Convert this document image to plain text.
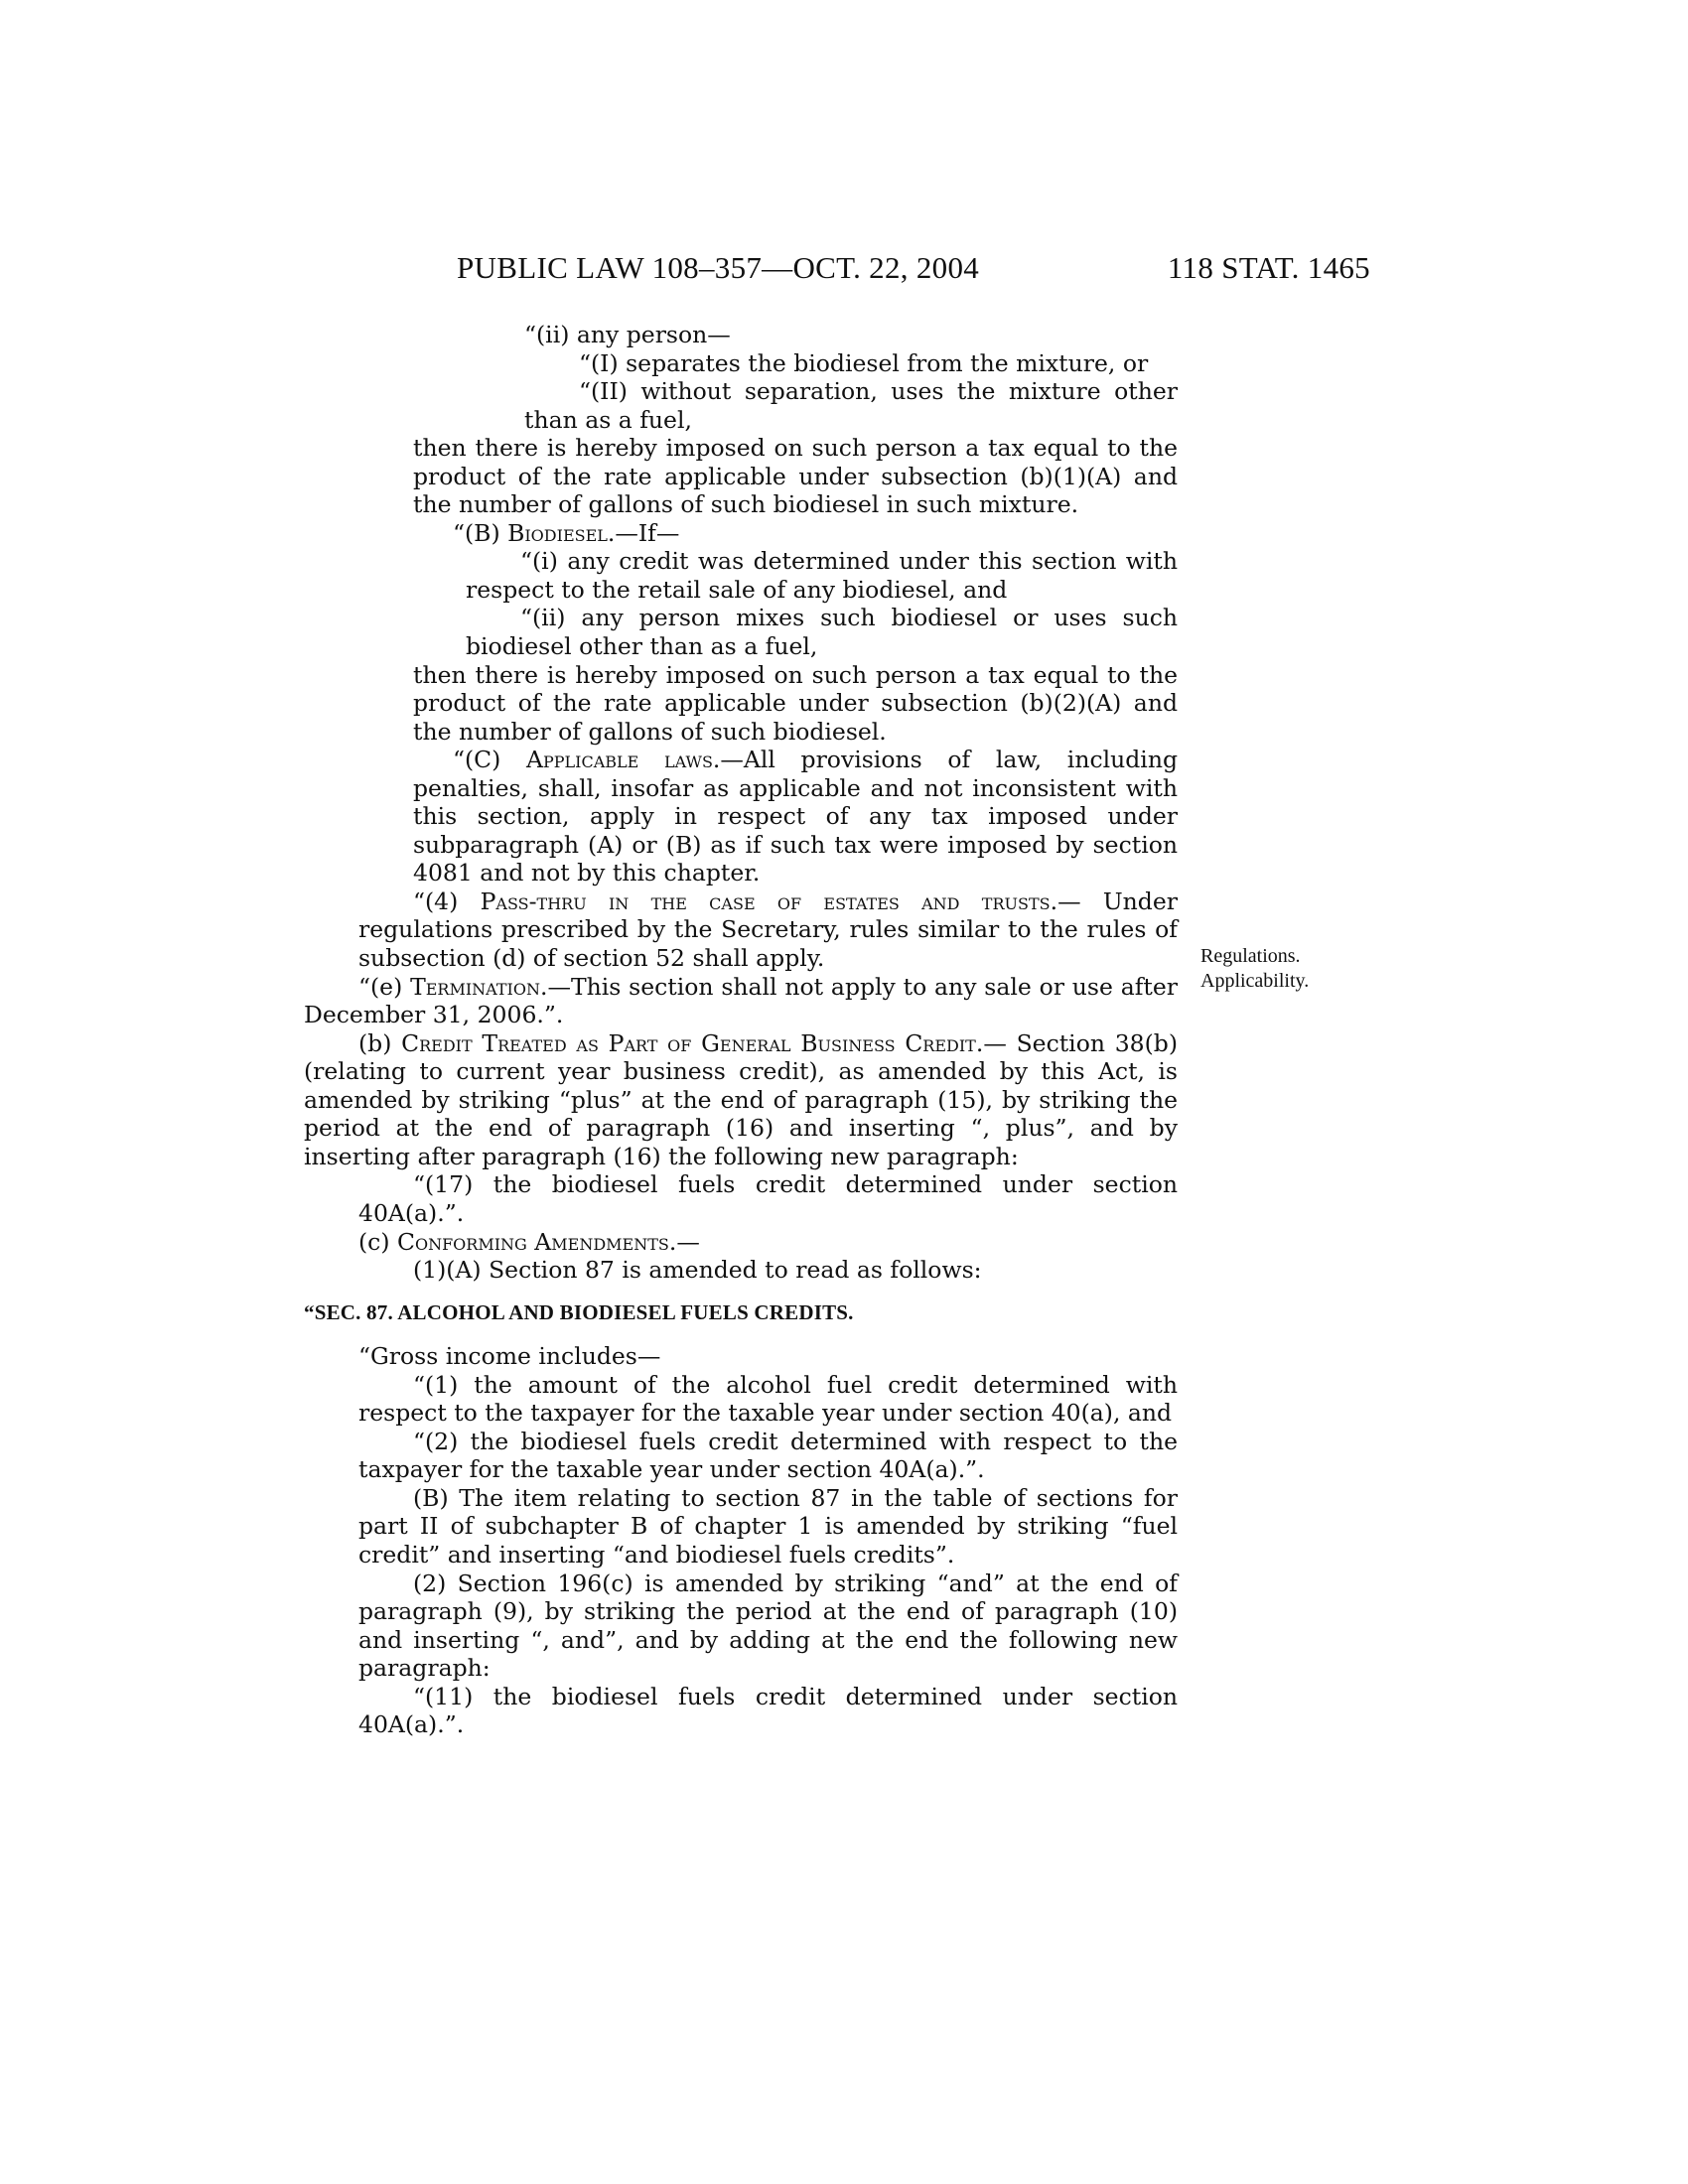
PUBLIC LAW 108–357—OCT. 22, 2004	118 STAT. 1465
Regulations.
Applicability.

“(ii) any person—

“(I) separates the biodiesel from the mixture, or

“(II) without separation, uses the mixture other than as a fuel,

then there is hereby imposed on such person a tax equal to the product of the rate applicable under subsection (b)(1)(A) and the number of gallons of such biodiesel in such mixture.

“(B) Biodiesel.—If—

“(i) any credit was determined under this section with respect to the retail sale of any biodiesel, and

“(ii) any person mixes such biodiesel or uses such biodiesel other than as a fuel,

then there is hereby imposed on such person a tax equal to the product of the rate applicable under subsection (b)(2)(A) and the number of gallons of such biodiesel.

“(C) Applicable laws.—All provisions of law, including penalties, shall, insofar as applicable and not inconsistent with this section, apply in respect of any tax imposed under subparagraph (A) or (B) as if such tax were imposed by section 4081 and not by this chapter.

“(4) Pass-thru in the case of estates and trusts.— Under regulations prescribed by the Secretary, rules similar to the rules of subsection (d) of section 52 shall apply.

“(e) Termination.—This section shall not apply to any sale or use after December 31, 2006.”.

(b) Credit Treated as Part of General Business Credit.— Section 38(b) (relating to current year business credit), as amended by this Act, is amended by striking “plus” at the end of paragraph (15), by striking the period at the end of paragraph (16) and inserting “, plus”, and by inserting after paragraph (16) the following new paragraph:

“(17) the biodiesel fuels credit determined under section 40A(a).”.

(c) Conforming Amendments.—

(1)(A) Section 87 is amended to read as follows:

“SEC. 87. ALCOHOL AND BIODIESEL FUELS CREDITS.

“Gross income includes—

“(1) the amount of the alcohol fuel credit determined with respect to the taxpayer for the taxable year under section 40(a), and

“(2) the biodiesel fuels credit determined with respect to the taxpayer for the taxable year under section 40A(a).”.

(B) The item relating to section 87 in the table of sections for part II of subchapter B of chapter 1 is amended by striking “fuel credit” and inserting “and biodiesel fuels credits”.

(2) Section 196(c) is amended by striking “and” at the end of paragraph (9), by striking the period at the end of paragraph (10) and inserting “, and”, and by adding at the end the following new paragraph:

“(11) the biodiesel fuels credit determined under section 40A(a).”.
